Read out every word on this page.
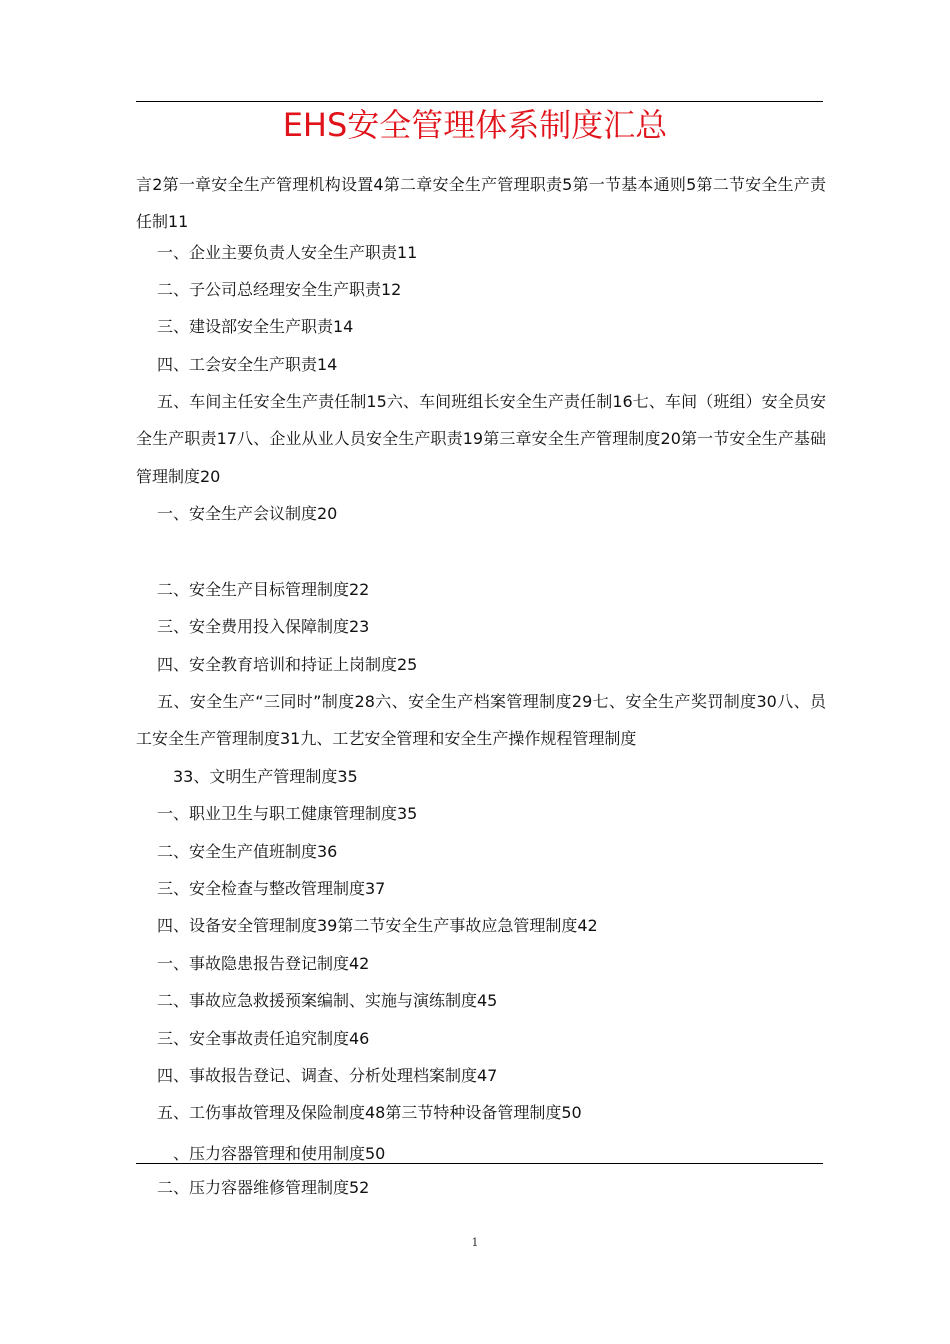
EHS安全管理体系制度汇总
言2第一章安全生产管理机构设置4第二章安全生产管理职责5第一节基本通则5第二节安全生产责任制11
一、企业主要负责人安全生产职责11
二、子公司总经理安全生产职责12
三、建设部安全生产职责14
四、工会安全生产职责14
五、车间主任安全生产责任制15六、车间班组长安全生产责任制16七、车间（班组）安全员安全生产职责17八、企业从业人员安全生产职责19第三章安全生产管理制度20第一节安全生产基础管理制度20
一、安全生产会议制度20
二、安全生产目标管理制度22
三、安全费用投入保障制度23
四、安全教育培训和持证上岗制度25
五、安全生产“三同时”制度28六、安全生产档案管理制度29七、安全生产奖罚制度30八、员工安全生产管理制度31九、工艺安全管理和安全生产操作规程管理制度
33、文明生产管理制度35
一、职业卫生与职工健康管理制度35
二、安全生产值班制度36
三、安全检查与整改管理制度37
四、设备安全管理制度39第二节安全生产事故应急管理制度42
一、事故隐患报告登记制度42
二、事故应急救援预案编制、实施与演练制度45
三、安全事故责任追究制度46
四、事故报告登记、调查、分析处理档案制度47
五、工伤事故管理及保险制度48第三节特种设备管理制度50
、压力容器管理和使用制度50
二、压力容器维修管理制度52
1
